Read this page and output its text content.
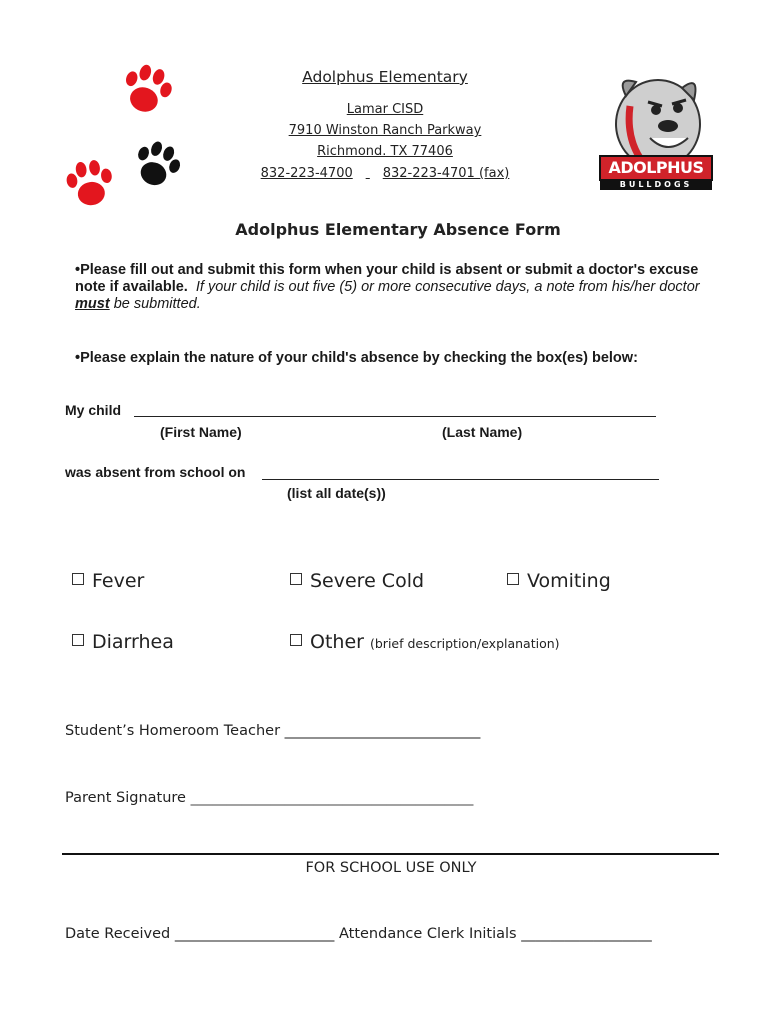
Adolphus Elementary
Lamar CISD
7910 Winston Ranch Parkway
Richmond. TX 77406
832-223-4700 832-223-4701 (fax)	ADOLPHUS
BULLDOGS
Adolphus Elementary Absence Form
•Please fill out and submit this form when your child is absent or submit a doctor's excuse note if available. If your child is out five (5) or more consecutive days, a note from his/her doctor must be submitted.
•Please explain the nature of your child's absence by checking the box(es) below:
My child
(First Name)	(Last Name)
was absent from school on
(list all date(s))
Fever	Severe Cold	Vomiting
Diarrhea	Other (brief description/explanation)
Student’s Homeroom Teacher ___________________________
Parent Signature _______________________________________
FOR SCHOOL USE ONLY
Date Received ______________________ Attendance Clerk Initials __________________
